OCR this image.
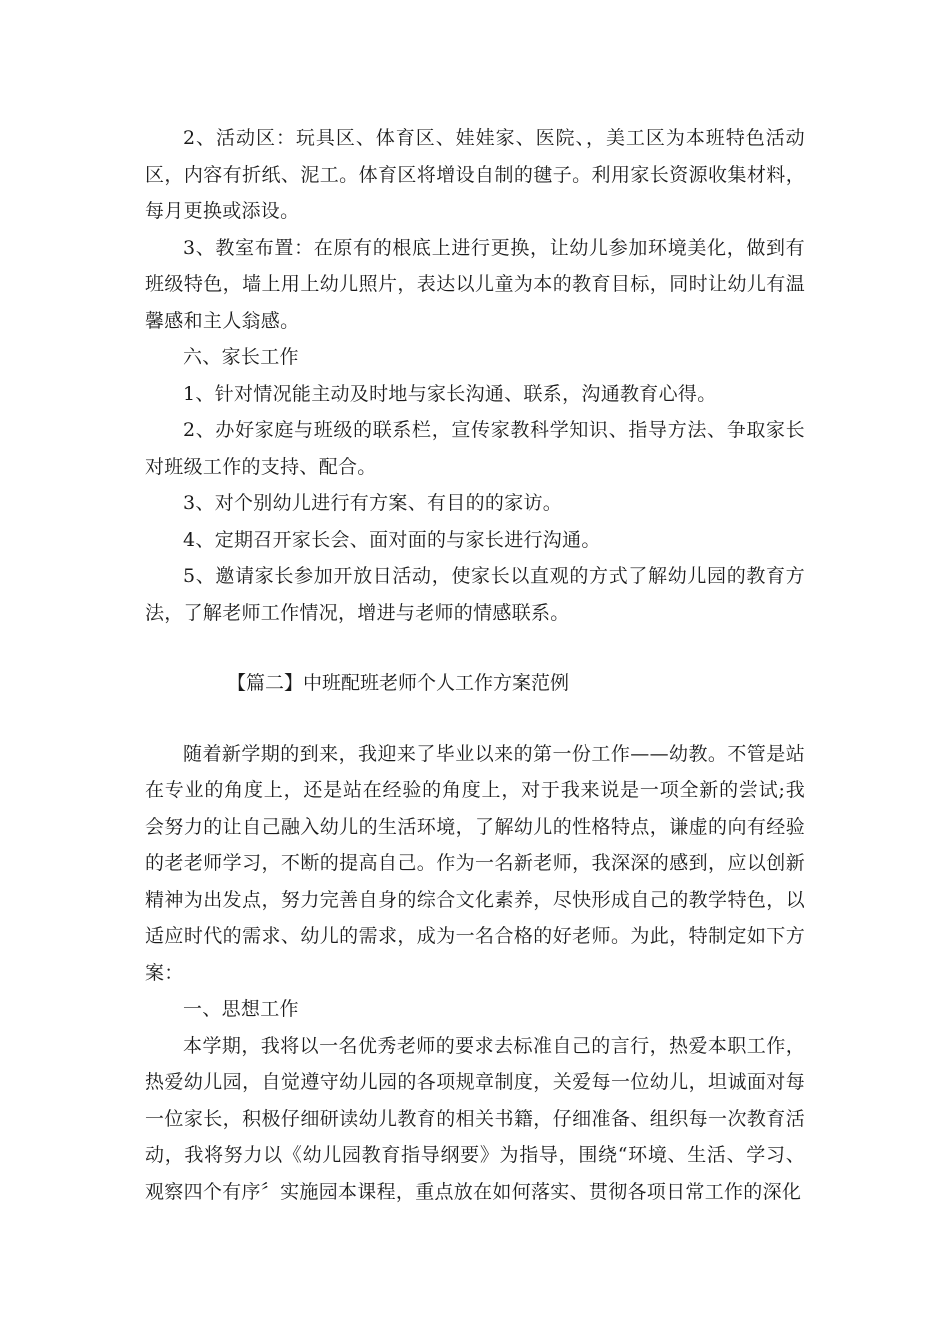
2、活动区：玩具区、体育区、娃娃家、医院、，美工区为本班特色活动区，内容有折纸、泥工。体育区将增设自制的毽子。利用家长资源收集材料，每月更换或添设。

3、教室布置：在原有的根底上进行更换，让幼儿参加环境美化，做到有班级特色，墙上用上幼儿照片，表达以儿童为本的教育目标，同时让幼儿有温馨感和主人翁感。

六、家长工作

1、针对情况能主动及时地与家长沟通、联系，沟通教育心得。

2、办好家庭与班级的联系栏，宣传家教科学知识、指导方法、争取家长对班级工作的支持、配合。

3、对个别幼儿进行有方案、有目的的家访。

4、定期召开家长会、面对面的与家长进行沟通。

5、邀请家长参加开放日活动，使家长以直观的方式了解幼儿园的教育方法，了解老师工作情况，增进与老师的情感联系。

【篇二】中班配班老师个人工作方案范例

随着新学期的到来，我迎来了毕业以来的第一份工作——幼教。不管是站在专业的角度上，还是站在经验的角度上，对于我来说是一项全新的尝试;我会努力的让自己融入幼儿的生活环境，了解幼儿的性格特点，谦虚的向有经验的老老师学习，不断的提高自己。作为一名新老师，我深深的感到，应以创新精神为出发点，努力完善自身的综合文化素养，尽快形成自己的教学特色，以适应时代的需求、幼儿的需求，成为一名合格的好老师。为此，特制定如下方案：

一、思想工作

本学期，我将以一名优秀老师的要求去标准自己的言行，热爱本职工作，热爱幼儿园，自觉遵守幼儿园的各项规章制度，关爱每一位幼儿，坦诚面对每一位家长，积极仔细研读幼儿教育的相关书籍，仔细准备、组织每一次教育活动，我将努力以《幼儿园教育指导纲要》为指导，围绕“环境、生活、学习、观察四个有序〞实施园本课程，重点放在如何落实、贯彻各项日常工作的深化
